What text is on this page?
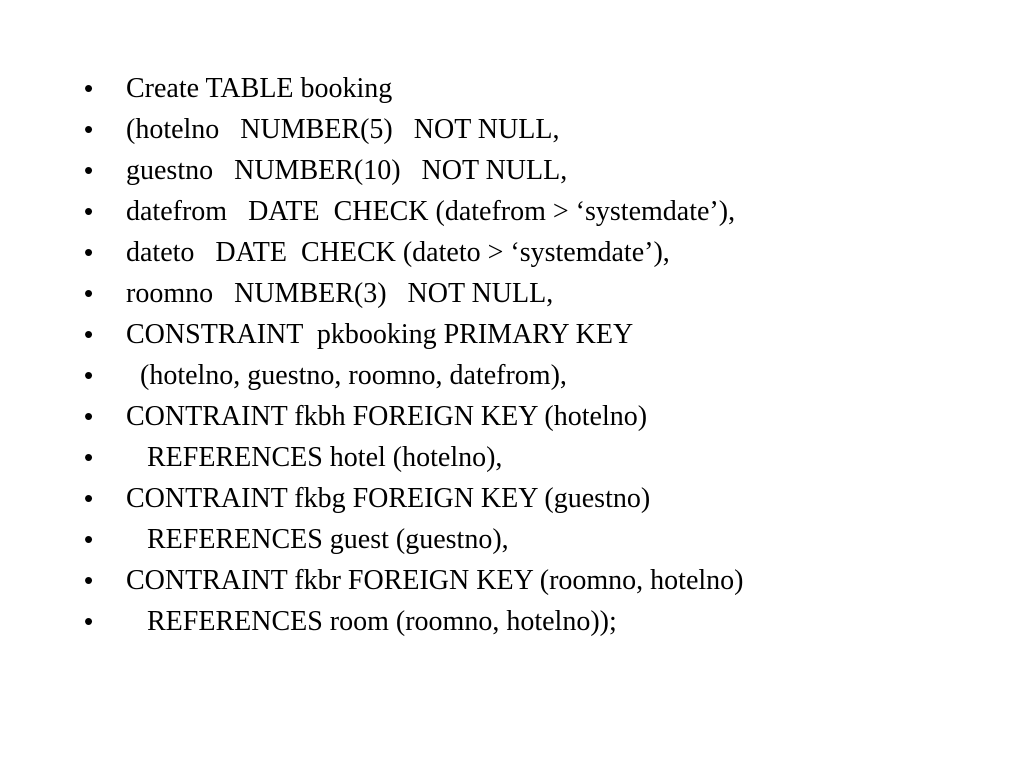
•

Create TABLE booking

•

(hotelno   NUMBER(5)   NOT NULL,

•

guestno   NUMBER(10)   NOT NULL,

•

datefrom   DATE  CHECK (datefrom > ‘systemdate’),

•

dateto   DATE  CHECK (dateto > ‘systemdate’),

•

roomno   NUMBER(3)   NOT NULL,

•

CONSTRAINT  pkbooking PRIMARY KEY

•

(hotelno, guestno, roomno, datefrom),

•

CONTRAINT fkbh FOREIGN KEY (hotelno)

•

REFERENCES hotel (hotelno),

•

CONTRAINT fkbg FOREIGN KEY (guestno)

•

REFERENCES guest (guestno),

•

CONTRAINT fkbr FOREIGN KEY (roomno, hotelno)

•

REFERENCES room (roomno, hotelno));
